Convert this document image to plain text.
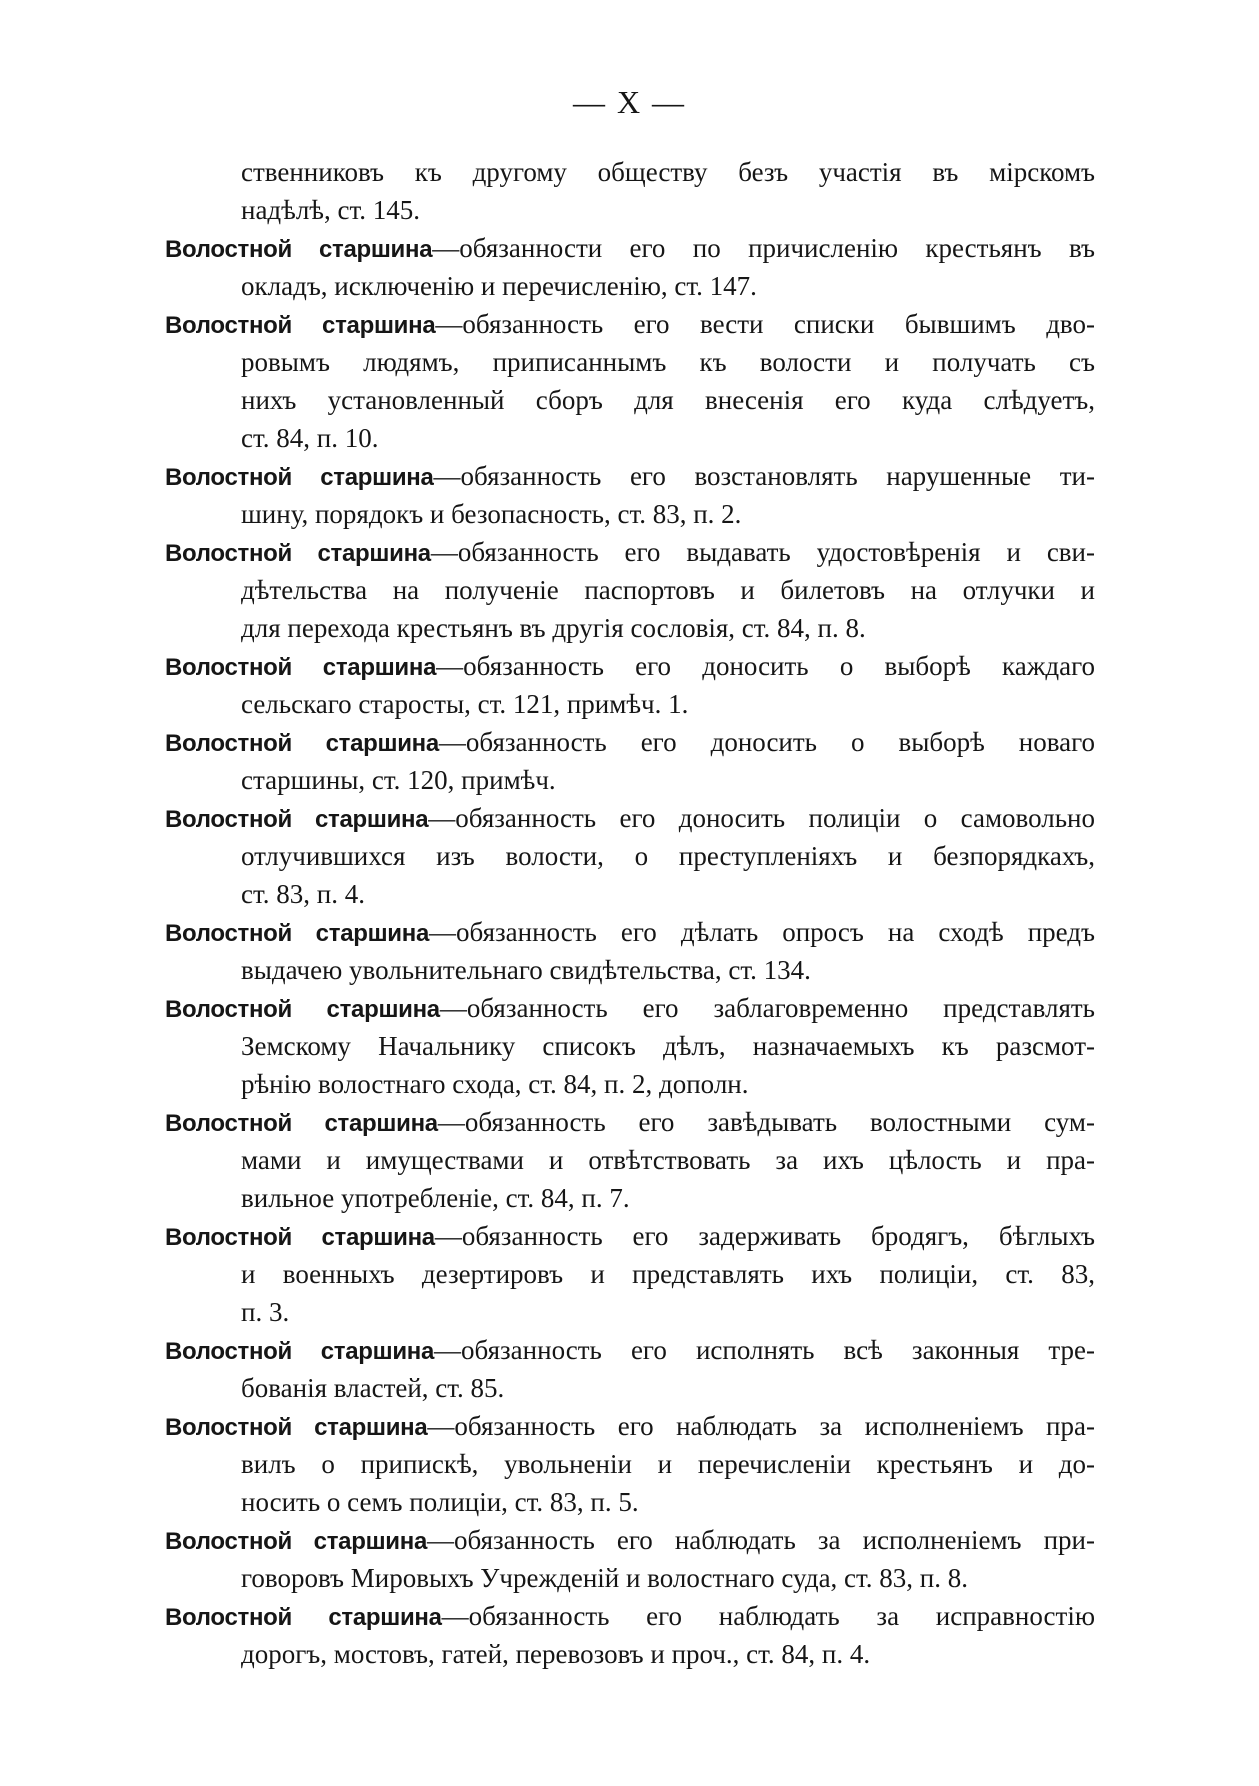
— X —
ственниковъ къ другому обществу безъ участія въ мірскомъ
надѣлѣ, ст. 145.
Волостной старшина—обязанности его по причисленію крестьянъ въ
окладъ, исключенію и перечисленію, ст. 147.
Волостной старшина—обязанность его вести списки бывшимъ дво-
ровымъ людямъ, приписаннымъ къ волости и получать съ
нихъ установленный сборъ для внесенія его куда слѣдуетъ,
ст. 84, п. 10.
Волостной старшина—обязанность его возстановлять нарушенные ти-
шину, порядокъ и безопасность, ст. 83, п. 2.
Волостной старшина—обязанность его выдавать удостовѣренія и сви-
дѣтельства на полученіе паспортовъ и билетовъ на отлучки и
для перехода крестьянъ въ другія сословія, ст. 84, п. 8.
Волостной старшина—обязанность его доносить о выборѣ каждаго
сельскаго старосты, ст. 121, примѣч. 1.
Волостной старшина—обязанность его доносить о выборѣ новаго
старшины, ст. 120, примѣч.
Волостной старшина—обязанность его доносить полиціи о самовольно
отлучившихся изъ волости, о преступленіяхъ и безпорядкахъ,
ст. 83, п. 4.
Волостной старшина—обязанность его дѣлать опросъ на сходѣ предъ
выдачею увольнительнаго свидѣтельства, ст. 134.
Волостной старшина—обязанность его заблаговременно представлять
Земскому Начальнику списокъ дѣлъ, назначаемыхъ къ разсмот-
рѣнію волостнаго схода, ст. 84, п. 2, дополн.
Волостной старшина—обязанность его завѣдывать волостными сум-
мами и имуществами и отвѣтствовать за ихъ цѣлость и пра-
вильное употребленіе, ст. 84, п. 7.
Волостной старшина—обязанность его задерживать бродягъ, бѣглыхъ
и военныхъ дезертировъ и представлять ихъ полиціи, ст. 83,
п. 3.
Волостной старшина—обязанность его исполнять всѣ законныя тре-
бованія властей, ст. 85.
Волостной старшина—обязанность его наблюдать за исполненіемъ пра-
вилъ о припискѣ, увольненіи и перечисленіи крестьянъ и до-
носить о семъ полиціи, ст. 83, п. 5.
Волостной старшина—обязанность его наблюдать за исполненіемъ при-
говоровъ Мировыхъ Учрежденій и волостнаго суда, ст. 83, п. 8.
Волостной старшина—обязанность его наблюдать за исправностію
дорогъ, мостовъ, гатей, перевозовъ и проч., ст. 84, п. 4.
